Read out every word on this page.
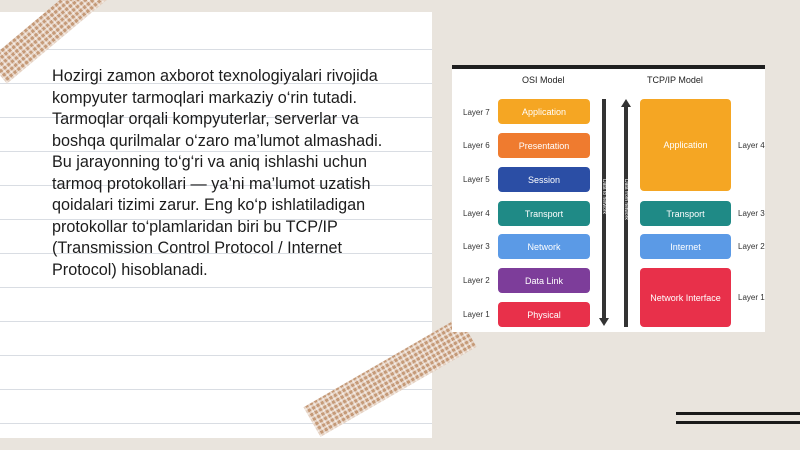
Hozirgi zamon axborot texnologiyalari rivojida
kompyuter tarmoqlari markaziy o‘rin tutadi.
Tarmoqlar orqali kompyuterlar, serverlar va
boshqa qurilmalar o‘zaro ma’lumot almashadi.
Bu jarayonning to‘g‘ri va aniq ishlashi uchun
tarmoq protokollari — ya’ni ma’lumot uzatish
qoidalari tizimi zarur. Eng ko‘p ishlatiladigan
protokollar to‘plamlaridan biri bu TCP/IP
(Transmission Control Protocol / Internet
Protocol) hisoblanadi.

OSI Model	TCP/IP Model
Layer 7
Layer 6
Layer 5
Layer 4
Layer 3
Layer 2
Layer 1
Application
Presentation
Session
Transport
Network
Data Link
Physical
Data to network	Data from network
Application
Transport
Internet
Network Interface
Layer 4
Layer 3
Layer 2
Layer 1
